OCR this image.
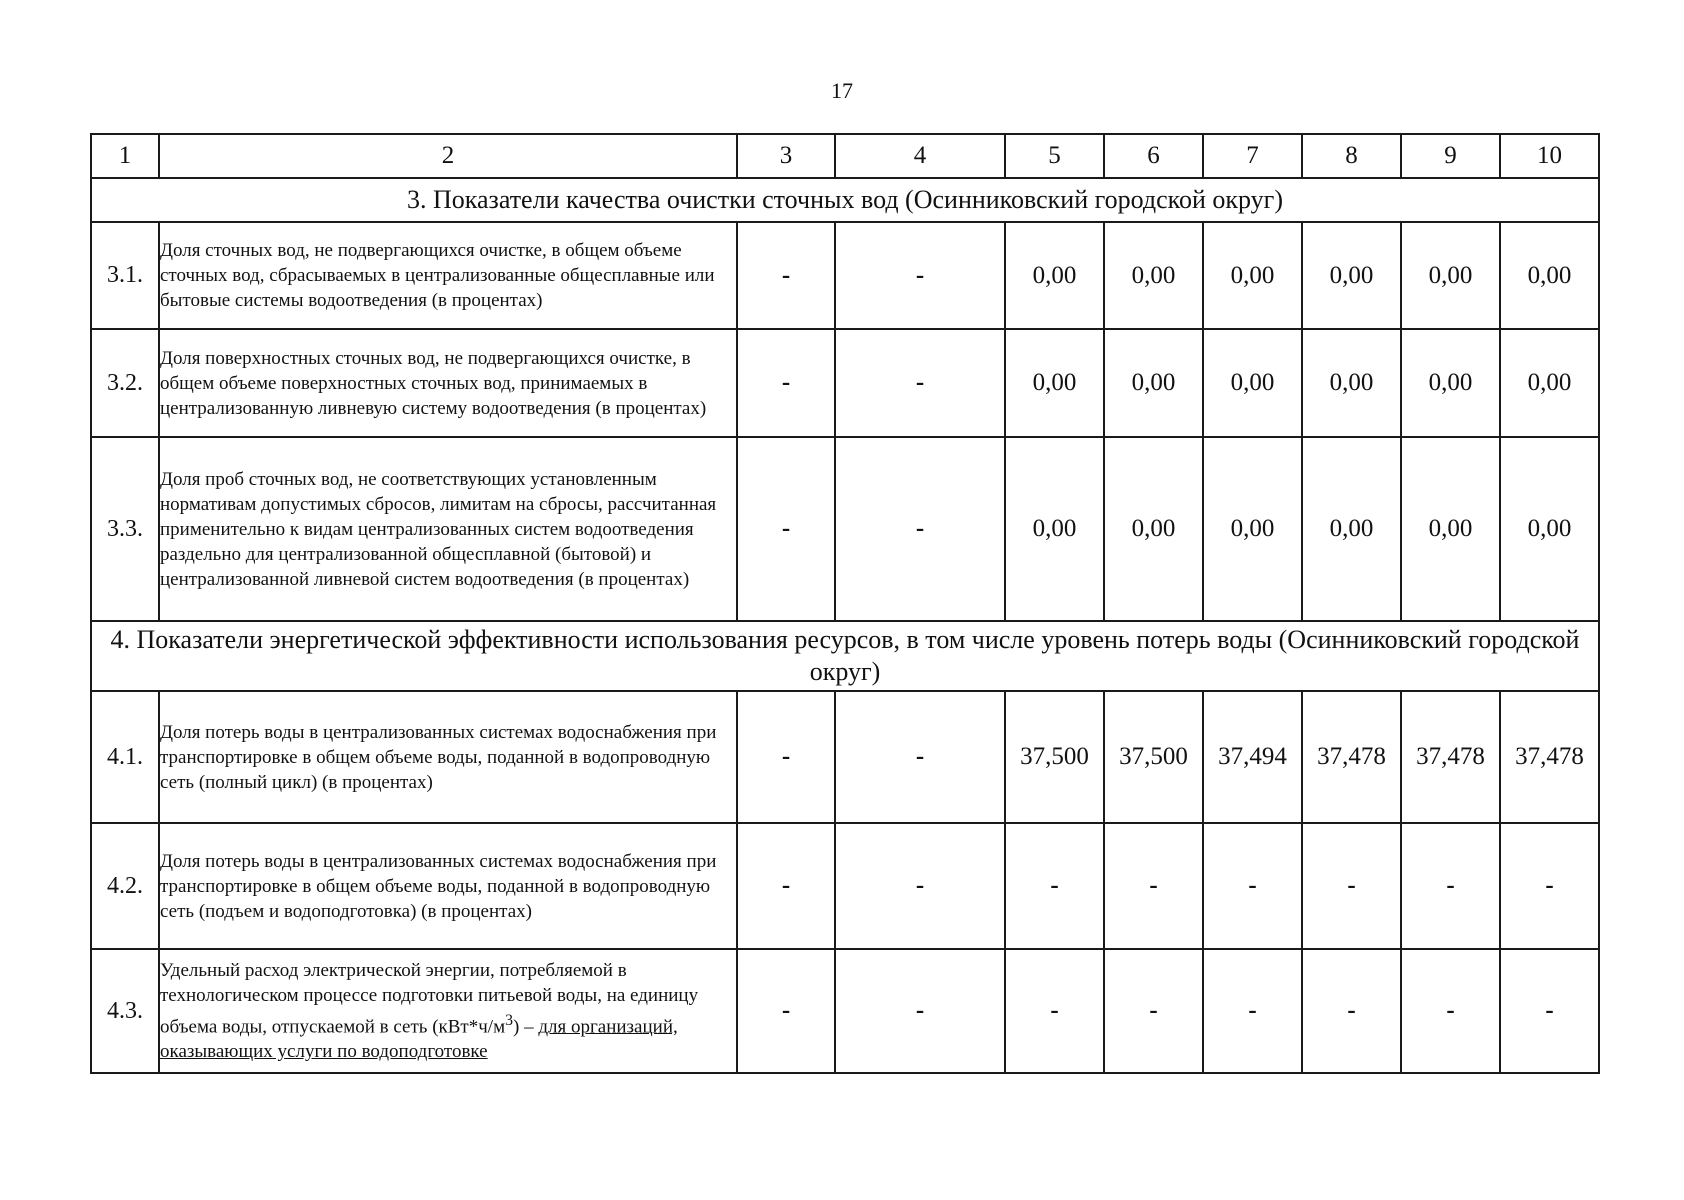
17
1	2	3	4	5	6	7	8	9	10
3. Показатели качества очистки сточных вод (Осинниковский городской округ)									
3.1.	Доля сточных вод, не подвергающихся очистке, в общем объеме сточных вод, сбрасываемых в централизованные общесплавные или бытовые системы водоотведения (в процентах)	-	-	0,00	0,00	0,00	0,00	0,00	0,00
3.2.	Доля поверхностных сточных вод, не подвергающихся очистке, в общем объеме поверхностных сточных вод, принимаемых в централизованную ливневую систему водоотведения (в процентах)	-	-	0,00	0,00	0,00	0,00	0,00	0,00
3.3.	Доля проб сточных вод, не соответствующих установленным нормативам допустимых сбросов, лимитам на сбросы, рассчитанная применительно к видам централизованных систем водоотведения раздельно для централизованной общесплавной (бытовой) и централизованной ливневой систем водоотведения (в процентах)	-	-	0,00	0,00	0,00	0,00	0,00	0,00
4. Показатели энергетической эффективности использования ресурсов, в том числе уровень потерь воды (Осинниковский городской округ)									
4.1.	Доля потерь воды в централизованных системах водоснабжения при транспортировке в общем объеме воды, поданной в водопроводную сеть (полный цикл) (в процентах)	-	-	37,500	37,500	37,494	37,478	37,478	37,478
4.2.	Доля потерь воды в централизованных системах водоснабжения при транспортировке в общем объеме воды, поданной в водопроводную сеть (подъем и водоподготовка) (в процентах)	-	-	-	-	-	-	-	-
4.3.	Удельный расход электрической энергии, потребляемой в технологическом процессе подготовки питьевой воды, на единицу объема воды, отпускаемой в сеть $(кВт*ч/м^3)$ – для организаций, оказывающих услуги по водоподготовке	-	-	-	-	-	-	-	-
